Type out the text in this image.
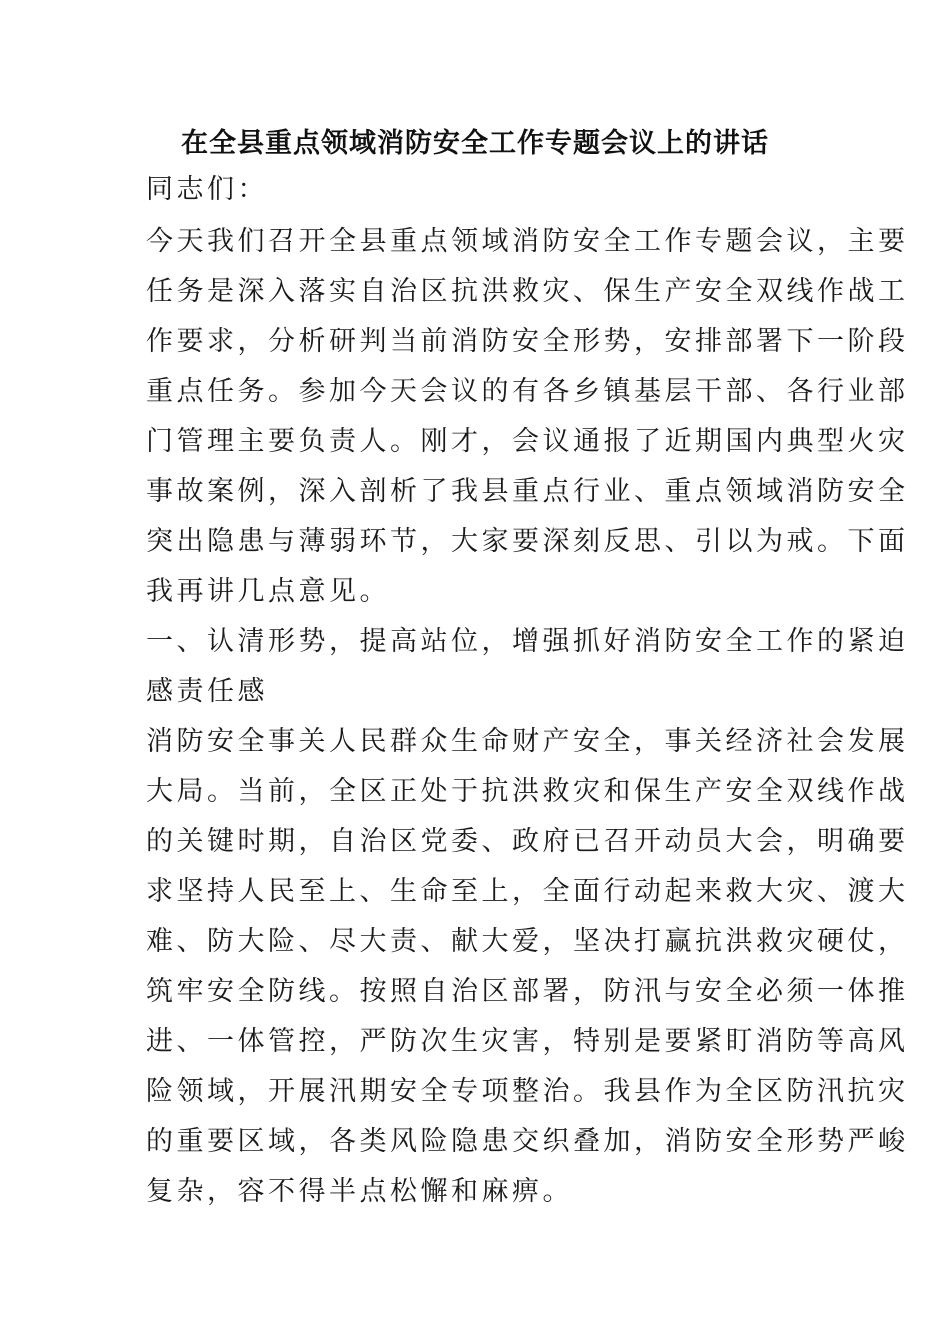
在全县重点领域消防安全工作专题会议上的讲话

同志们：

今天我们召开全县重点领域消防安全工作专题会议，主要

任务是深入落实自治区抗洪救灾、保生产安全双线作战工

作要求，分析研判当前消防安全形势，安排部署下一阶段

重点任务。参加今天会议的有各乡镇基层干部、各行业部

门管理主要负责人。刚才，会议通报了近期国内典型火灾

事故案例，深入剖析了我县重点行业、重点领域消防安全

突出隐患与薄弱环节，大家要深刻反思、引以为戒。下面

我再讲几点意见。

一、认清形势，提高站位，增强抓好消防安全工作的紧迫

感责任感

消防安全事关人民群众生命财产安全，事关经济社会发展

大局。当前，全区正处于抗洪救灾和保生产安全双线作战

的关键时期，自治区党委、政府已召开动员大会，明确要

求坚持人民至上、生命至上，全面行动起来救大灾、渡大

难、防大险、尽大责、献大爱，坚决打赢抗洪救灾硬仗，

筑牢安全防线。按照自治区部署，防汛与安全必须一体推

进、一体管控，严防次生灾害，特别是要紧盯消防等高风

险领域，开展汛期安全专项整治。我县作为全区防汛抗灾

的重要区域，各类风险隐患交织叠加，消防安全形势严峻

复杂，容不得半点松懈和麻痹。
